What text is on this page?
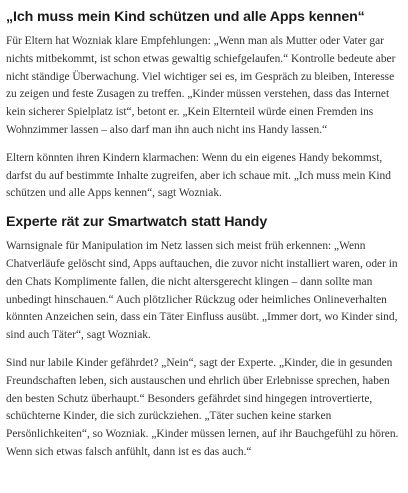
„Ich muss mein Kind schützen und alle Apps kennen“

Für Eltern hat Wozniak klare Empfehlungen: „Wenn man als Mutter oder Vater gar nichts mitbekommt, ist schon etwas gewaltig schiefgelaufen.“ Kontrolle bedeute aber nicht ständige Überwachung. Viel wichtiger sei es, im Gespräch zu bleiben, Interesse zu zeigen und feste Zusagen zu treffen. „Kinder müssen verstehen, dass das Internet kein sicherer Spielplatz ist“, betont er. „Kein Elternteil würde einen Fremden ins Wohnzimmer lassen – also darf man ihn auch nicht ins Handy lassen.“

Eltern könnten ihren Kindern klarmachen: Wenn du ein eigenes Handy bekommst, darfst du auf bestimmte Inhalte zugreifen, aber ich schaue mit. „Ich muss mein Kind schützen und alle Apps kennen“, sagt Wozniak.

Experte rät zur Smartwatch statt Handy

Warnsignale für Manipulation im Netz lassen sich meist früh erkennen: „Wenn Chatverläufe gelöscht sind, Apps auftauchen, die zuvor nicht installiert waren, oder in den Chats Komplimente fallen, die nicht altersgerecht klingen – dann sollte man unbedingt hinschauen.“ Auch plötzlicher Rückzug oder heimliches Onlineverhalten könnten Anzeichen sein, dass ein Täter Einfluss ausübt. „Immer dort, wo Kinder sind, sind auch Täter“, sagt Wozniak.

Sind nur labile Kinder gefährdet? „Nein“, sagt der Experte. „Kinder, die in gesunden Freundschaften leben, sich austauschen und ehrlich über Erlebnisse sprechen, haben den besten Schutz überhaupt.“ Besonders gefährdet sind hingegen introvertierte, schüchterne Kinder, die sich zurückziehen. „Täter suchen keine starken Persönlichkeiten“, so Wozniak. „Kinder müssen lernen, auf ihr Bauchgefühl zu hören. Wenn sich etwas falsch anfühlt, dann ist es das auch.“
